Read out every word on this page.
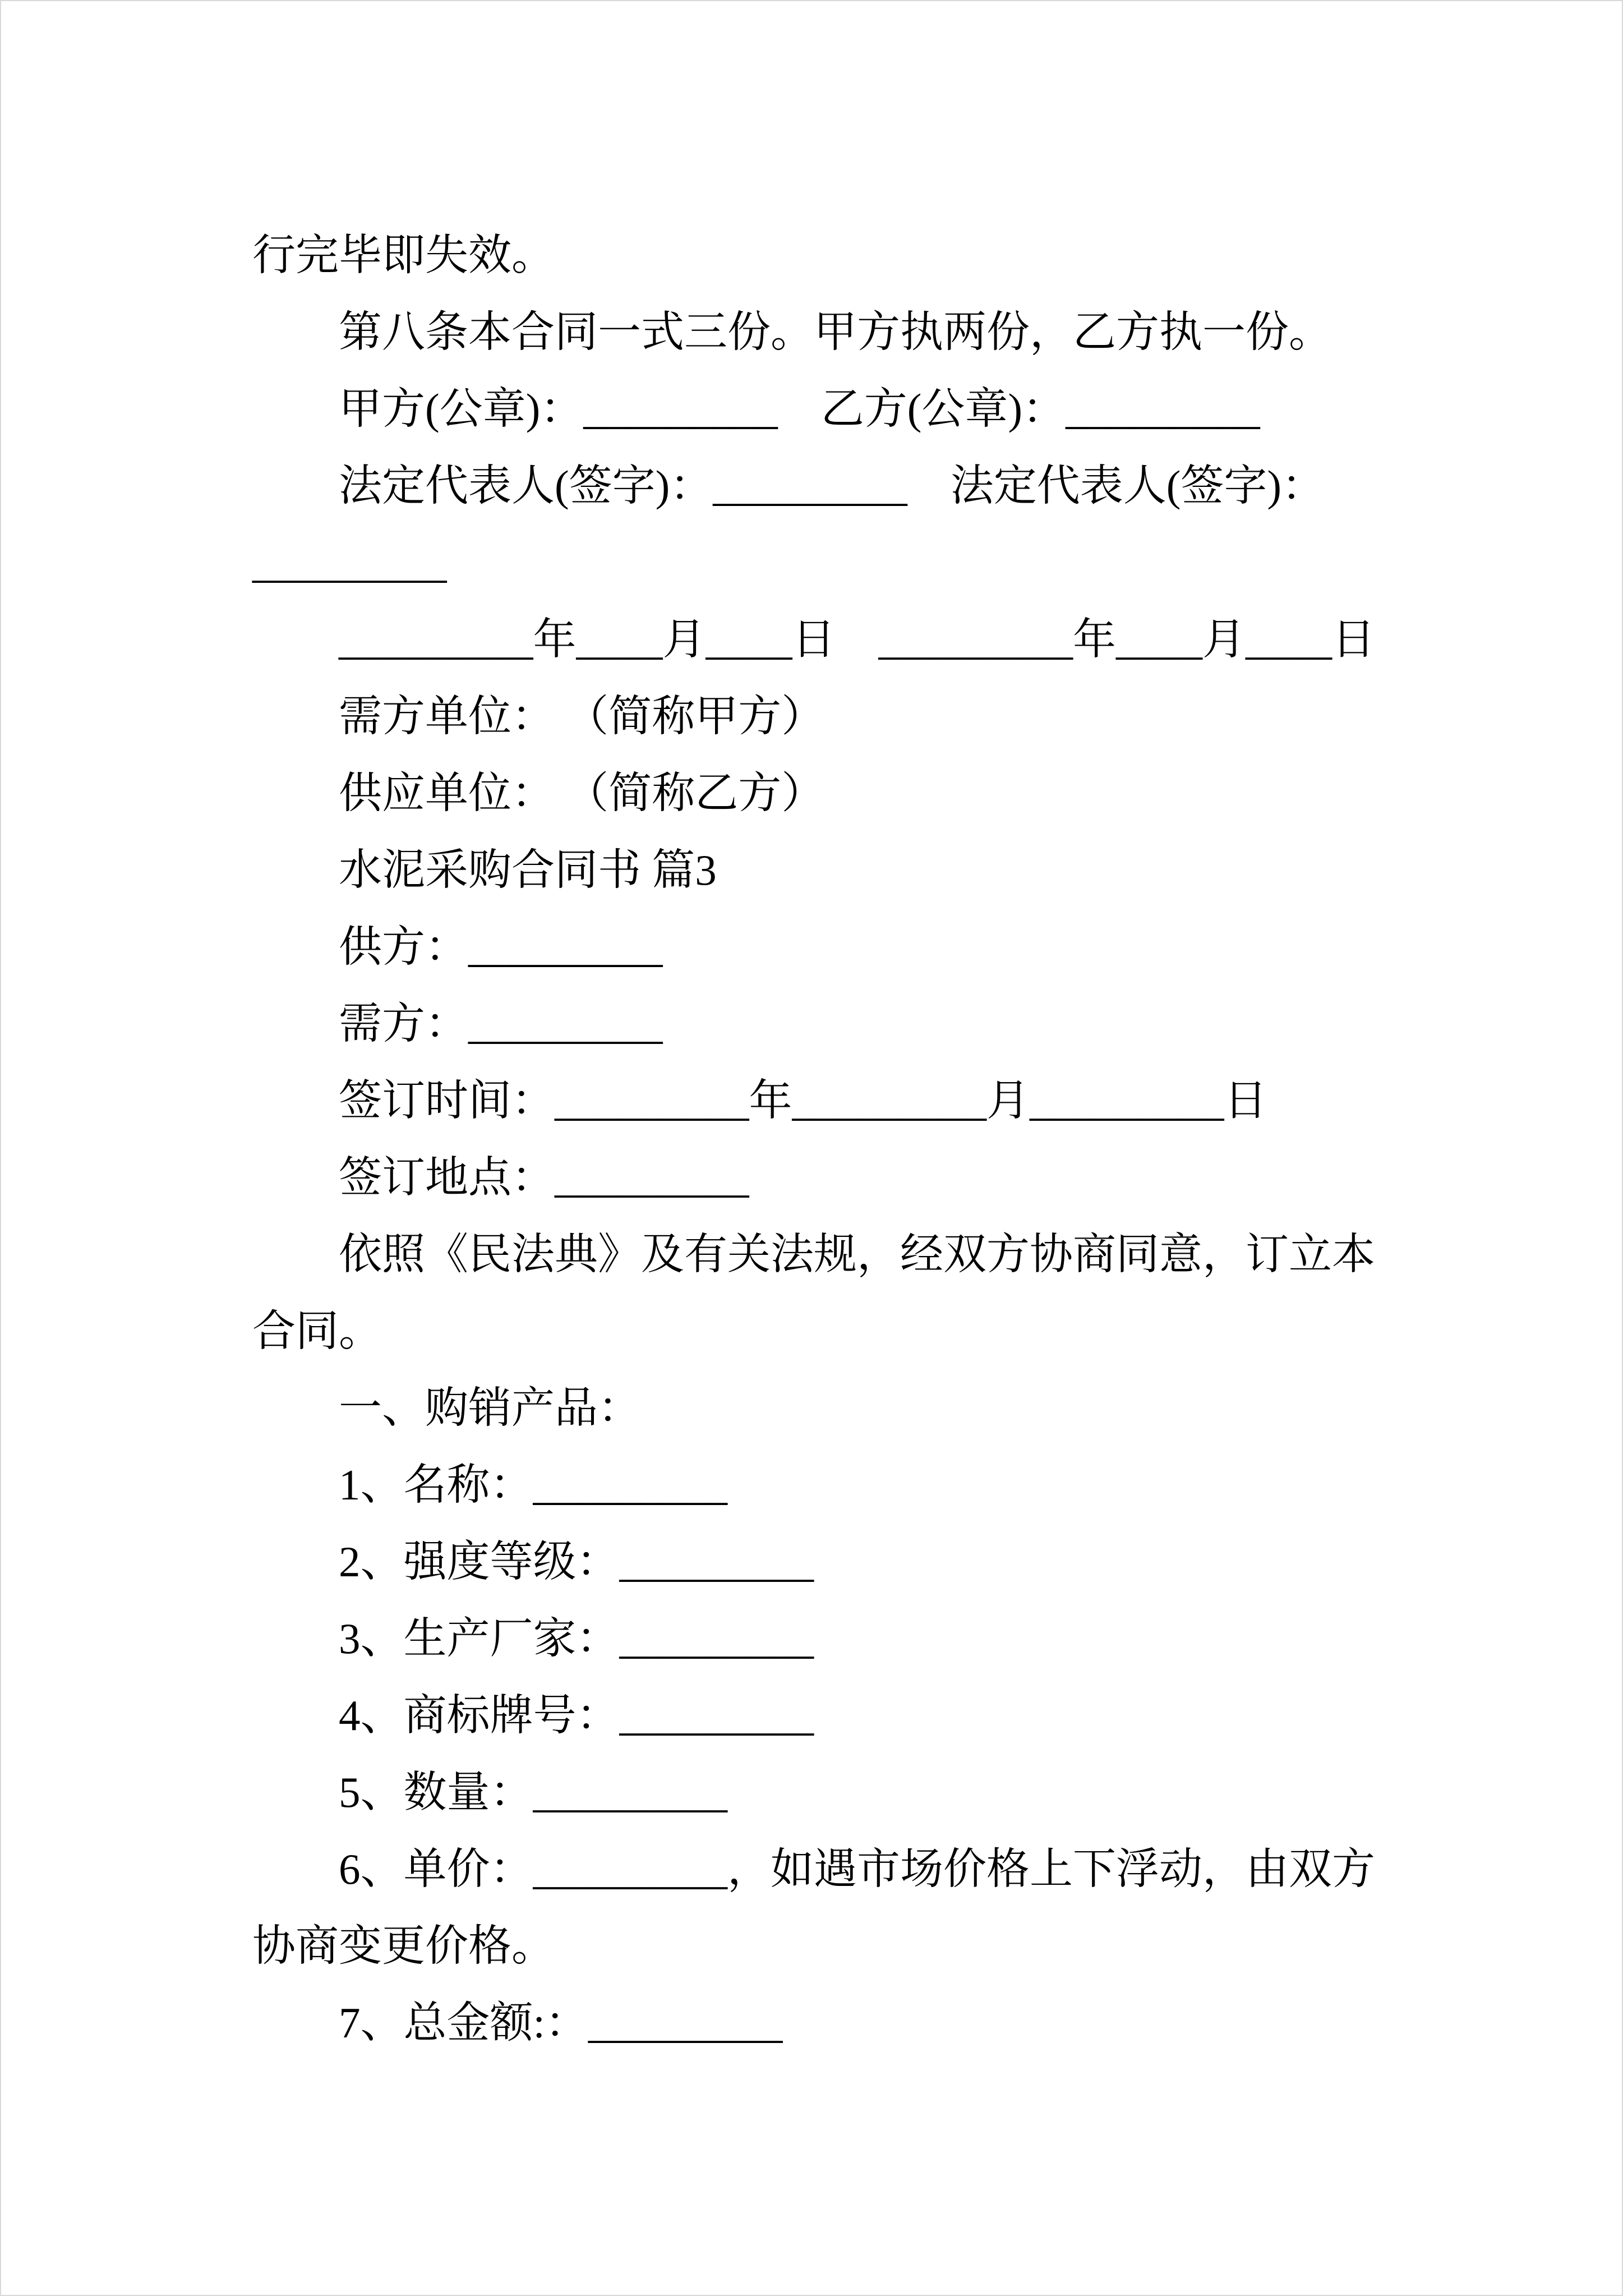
行完毕即失效。

第八条本合同一式三份。甲方执两份，乙方执一份。

甲方(公章)：_________　乙方(公章)：_________

法定代表人(签字)：_________　法定代表人(签字)：

_________

_________年____月____日　_________年____月____日

需方单位： （简称甲方）

供应单位： （简称乙方）

水泥采购合同书 篇3

供方：_________

需方：_________

签订时间：_________年_________月_________日

签订地点：_________

依照《民法典》及有关法规，经双方协商同意，订立本

合同。

一、购销产品：

1、名称：_________

2、强度等级：_________

3、生产厂家：_________

4、商标牌号：_________

5、数量：_________

6、单价：_________，如遇市场价格上下浮动，由双方

协商变更价格。

7、总金额:：_________
